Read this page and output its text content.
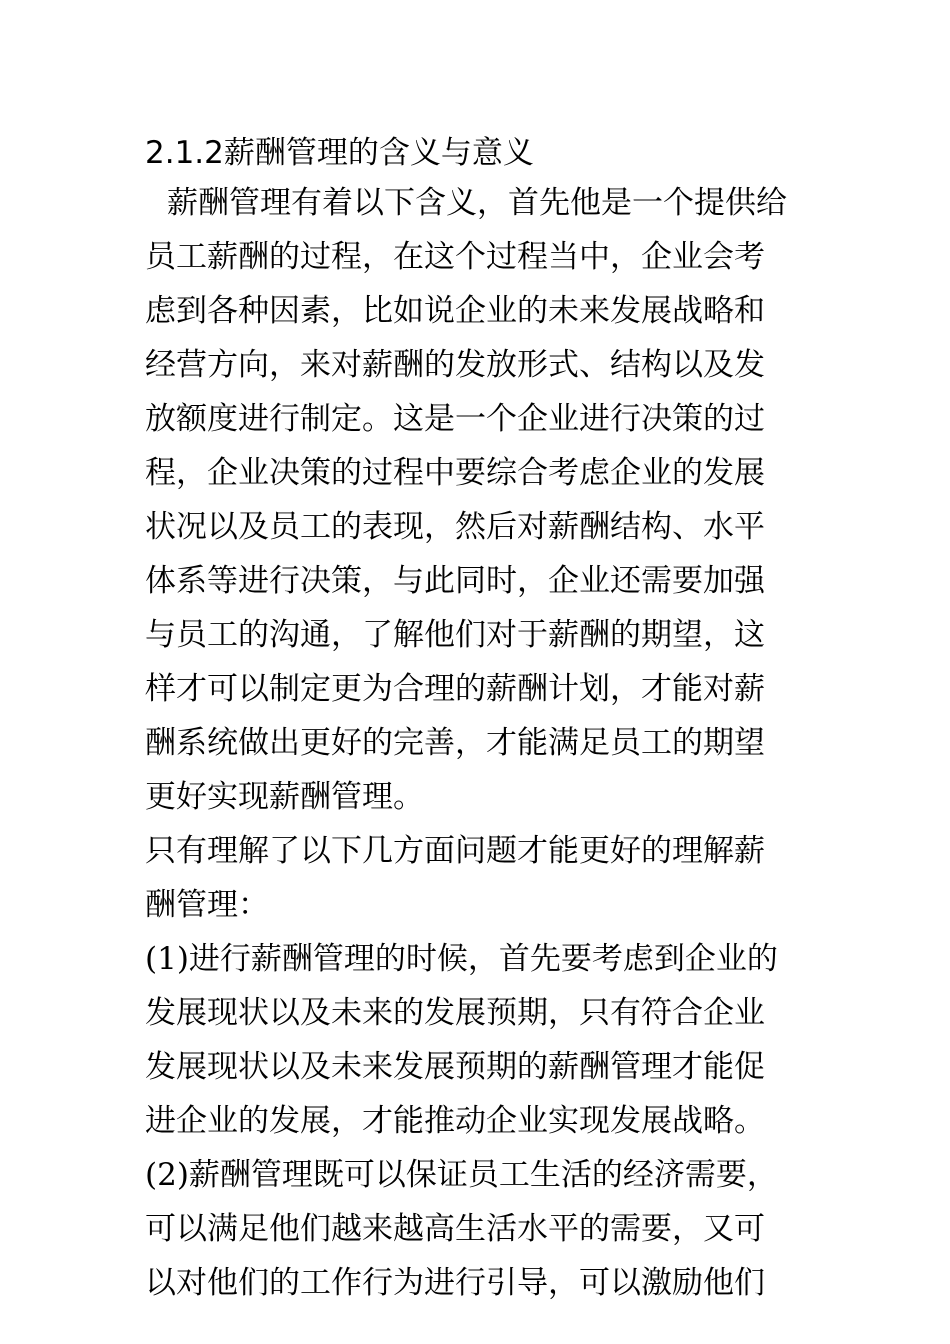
2.1.2薪酬管理的含义与意义
薪酬管理有着以下含义，首先他是一个提供给
员工薪酬的过程，在这个过程当中，企业会考
虑到各种因素，比如说企业的未来发展战略和
经营方向，来对薪酬的发放形式、结构以及发
放额度进行制定。这是一个企业进行决策的过
程，企业决策的过程中要综合考虑企业的发展
状况以及员工的表现，然后对薪酬结构、水平
体系等进行决策，与此同时，企业还需要加强
与员工的沟通，了解他们对于薪酬的期望，这
样才可以制定更为合理的薪酬计划，才能对薪
酬系统做出更好的完善，才能满足员工的期望
更好实现薪酬管理。
只有理解了以下几方面问题才能更好的理解薪
酬管理：
(1)进行薪酬管理的时候，首先要考虑到企业的
发展现状以及未来的发展预期，只有符合企业
发展现状以及未来发展预期的薪酬管理才能促
进企业的发展，才能推动企业实现发展战略。
(2)薪酬管理既可以保证员工生活的经济需要，
可以满足他们越来越高生活水平的需要，又可
以对他们的工作行为进行引导，可以激励他们
